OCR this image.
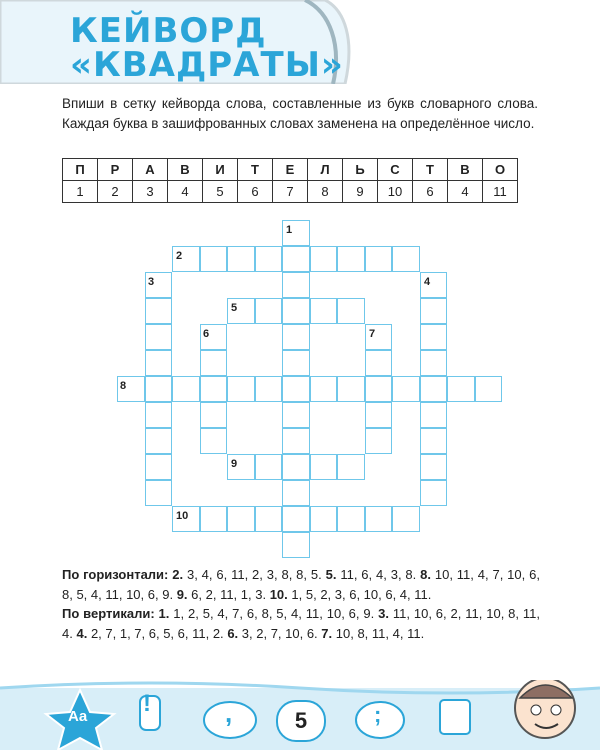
КЕЙВОРД
«КВАДРАТЫ»
Впиши в сетку кейворда слова, составленные из букв словарного слова. Каждая буква в зашифрованных словах заменена на определённое число.
П	Р	А	В	И	Т	Е	Л	Ь	С	Т	В	О
1	2	3	4	5	6	7	8	9	10	6	4	11
1
2
3	4
5
6	7
8
9
10
По горизонтали: 2. 3, 4, 6, 11, 2, 3, 8, 8, 5. 5. 11, 6, 4, 3, 8. 8. 10, 11, 4, 7, 10, 6, 8, 5, 4, 11, 10, 6, 9. 9. 6, 2, 11, 1, 3. 10. 1, 5, 2, 3, 6, 10, 6, 4, 11.
По вертикали: 1. 1, 2, 5, 4, 7, 6, 8, 5, 4, 11, 10, 6, 9. 3. 11, 10, 6, 2, 11, 10, 8, 11, 4. 4. 2, 7, 1, 7, 6, 5, 6, 11, 2. 6. 3, 2, 7, 10, 6. 7. 10, 8, 11, 4, 11.
Aa !	,	;
5
